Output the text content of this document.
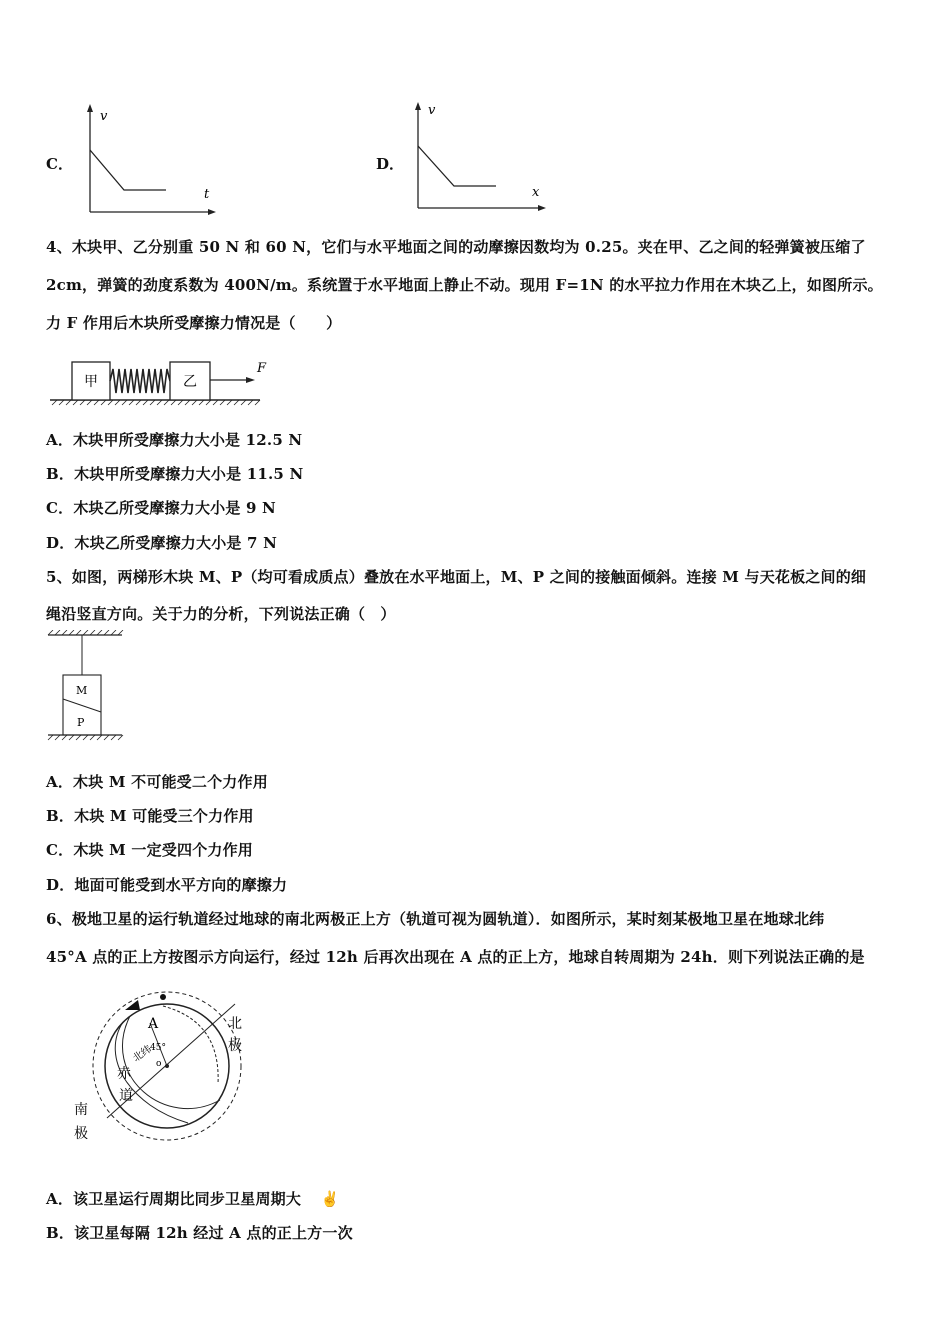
C．
v
t
D．
v
x
4、木块甲、乙分别重 50 N 和 60 N，它们与水平地面之间的动摩擦因数均为 0.25。夹在甲、乙之间的轻弹簧被压缩了
2cm，弹簧的劲度系数为 400N/m。系统置于水平地面上静止不动。现用 F=1N 的水平拉力作用在木块乙上，如图所示。
力 F 作用后木块所受摩擦力情况是（　　）
甲	乙
F
A．木块甲所受摩擦力大小是 12.5 N
B．木块甲所受摩擦力大小是 11.5 N
C．木块乙所受摩擦力大小是 9 N
D．木块乙所受摩擦力大小是 7 N
5、如图，两梯形木块 M、P（均可看成质点）叠放在水平地面上，M、P 之间的接触面倾斜。连接 M 与天花板之间的细
绳沿竖直方向。关于力的分析，下列说法正确（　）
M
P
A．木块 M 不可能受二个力作用
B．木块 M 可能受三个力作用
C．木块 M 一定受四个力作用
D．地面可能受到水平方向的摩擦力
6、极地卫星的运行轨道经过地球的南北两极正上方（轨道可视为圆轨道）．如图所示，某时刻某极地卫星在地球北纬
45°A 点的正上方按图示方向运行，经过 12h 后再次出现在 A 点的正上方，地球自转周期为 24h．则下列说法正确的是
A
45°
o
北纬
北
极
赤
道
南
极
A．该卫星运行周期比同步卫星周期大 ✌
B．该卫星每隔 12h 经过 A 点的正上方一次
